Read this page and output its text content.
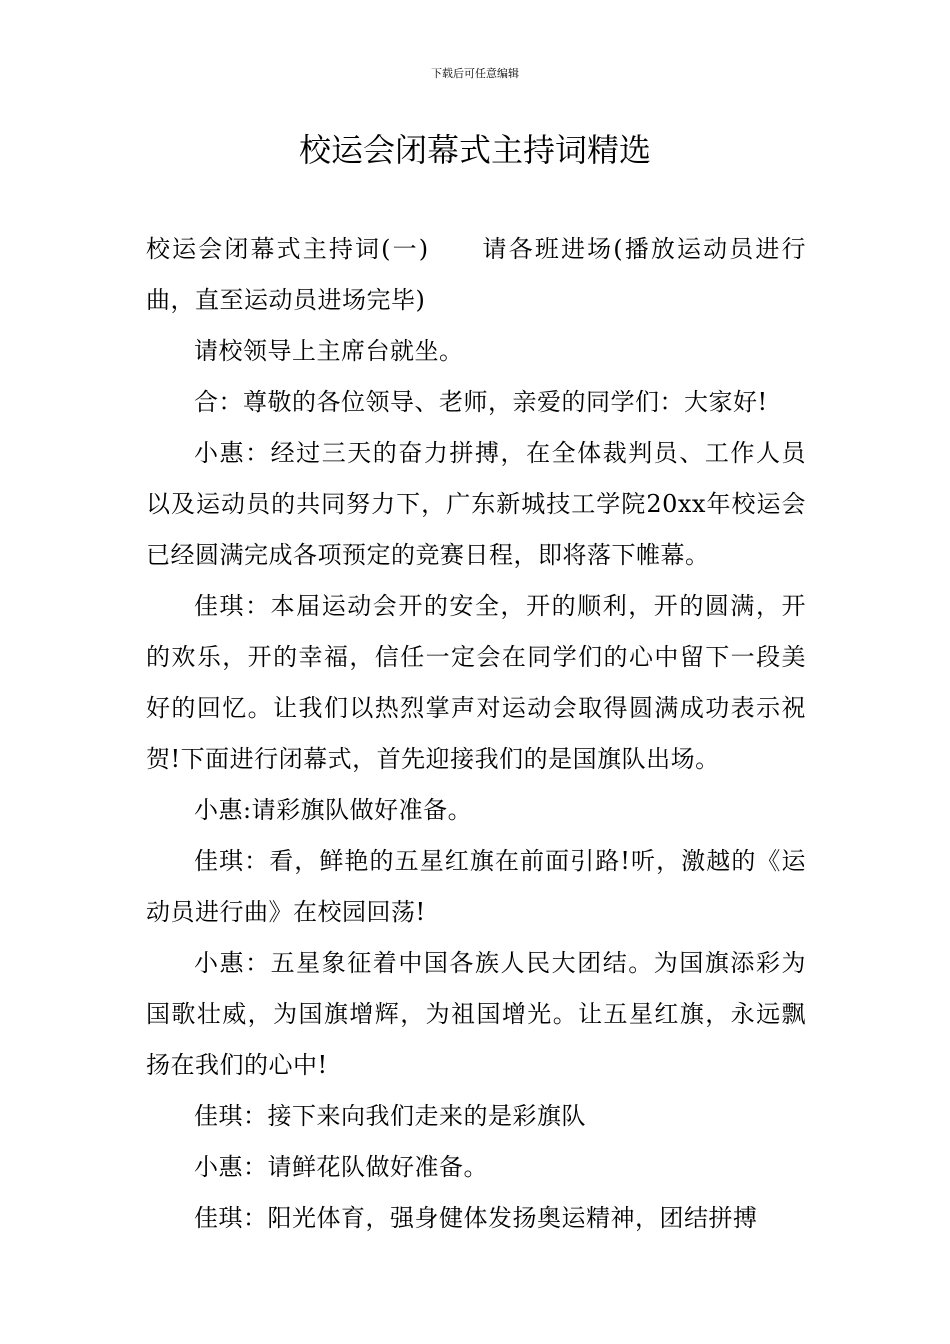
下载后可任意编辑
校运会闭幕式主持词精选

校运会闭幕式主持词(一)　　请各班进场(播放运动员进行曲，直至运动员进场完毕)

请校领导上主席台就坐。

合：尊敬的各位领导、老师，亲爱的同学们：大家好!

小惠：经过三天的奋力拼搏，在全体裁判员、工作人员以及运动员的共同努力下，广东新城技工学院20xx年校运会已经圆满完成各项预定的竞赛日程，即将落下帷幕。

佳琪：本届运动会开的安全，开的顺利，开的圆满，开的欢乐，开的幸福，信任一定会在同学们的心中留下一段美好的回忆。让我们以热烈掌声对运动会取得圆满成功表示祝贺!下面进行闭幕式，首先迎接我们的是国旗队出场。

小惠:请彩旗队做好准备。

佳琪：看，鲜艳的五星红旗在前面引路!听，激越的《运动员进行曲》在校园回荡!

小惠：五星象征着中国各族人民大团结。为国旗添彩为国歌壮威，为国旗增辉，为祖国增光。让五星红旗，永远飘扬在我们的心中!

佳琪：接下来向我们走来的是彩旗队

小惠：请鲜花队做好准备。

佳琪：阳光体育，强身健体发扬奥运精神，团结拼搏
